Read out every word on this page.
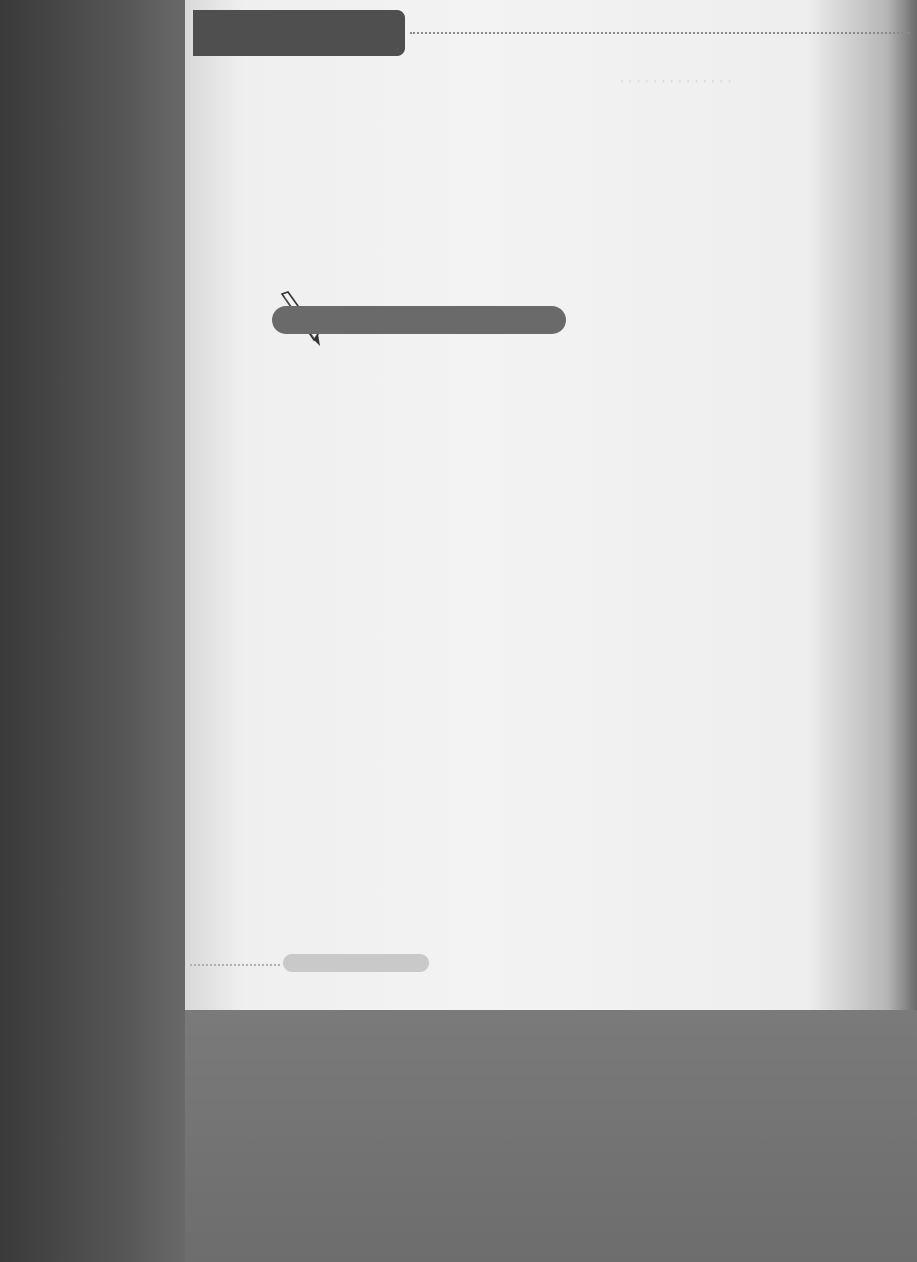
· · · · · · · · · · · · · ·
